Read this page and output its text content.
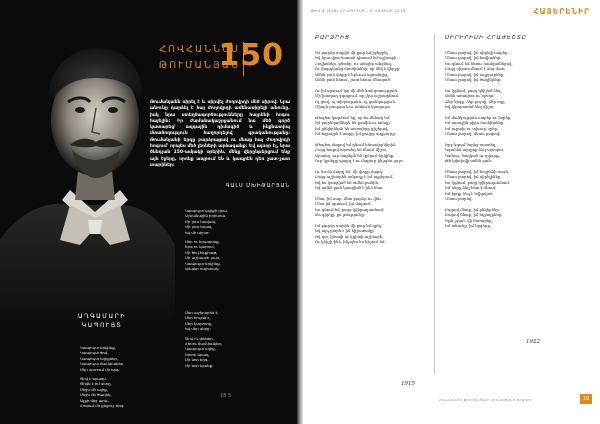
ՀՈՎՀԱՆՆԵՍ
ԹՈՒՄԱՆՅԱՆ
150
Թումանյանն սիրել է և սիրվել ժողովրդի մեծ սիրով։ Նրա անունը դարձել է հայ ժողովրդի ամենասիրելի անունը, իսկ նրա ստեղծագործությունները հայրենի հոգու հայելին։ Իր ժամանակաշրջանում նա մեծ գործ կատարեց՝ ազգային դիմագիծ և ինքնատիպ մտածողություն հաղորդելով գրականությանը։ Թումանյանի երգը բարձրացավ ու մնաց հայ ժողովրդի հոգում՝ որպես մեծ լեռների արձագանք։ Եվ այսօր էլ, նրա ծննդյան 150-ամյակի օրերին, մենք վերընթերցում ենք այն էջերը, որոնք ապրում են և կապրեն դեռ շատ-շատ տարիներ։
ԳԱԼՍ ՄԽԻԹԱՐՅԱՆ
ԱՂԳԱՄԱՐԻ
ԿԱՊՈՒՅՏ
Կապույտ երկինք,
Կապույտ ծով,
Կապույտ ալիքներ,
Կապույտ ճամփաներ,
Մեր սրտում մի երգ։
Ծով է երազս,
Ծովն է իմ սերը,
Մեջս մի ալիք,
Մեջս մի ծաղիկ,
Աչքի մեջ արև,
Հոգում մի քնքուշ երգ։
Կապույտ ալիքի վրա,
Աշնանային իրիկուն,
Մի լուռ նավակ,
Մի լուռ երազ,
Եվ մի սիրտ։
Սեր ու երազանք,
Երգ ու կարոտ,
Մի ծով հեքիաթ,
Մի աշխարհ լույս,
Կապույտ երկինք,
Ամպեր սպիտակ։
Մեր աշխարհն է,
Մեր հույսն է,
Մեր կարոտը,
Եվ մեր սերը։
Ծով ու լեռներ,
Հեռու ճամփաներ,
Կապույտ ալիք,
Սրտի երազ,
Մի նոր երգ,
Մի նոր կյանք։
18 5
ԹԻՎ 4 (128) 27 ԱՊՐԻԼԻ – 5 ՄԱՅԻՍԻ 2019	ՀԱՅԵՐԵՆԻՐ
ԲԱՐՁՐԻՑ
Իմ բարձր սարին մի քար եմ իջեցրել,
Եվ նրա վրա նստած դիտում եմ աշխարհ,
Հովիտներ, գետեր, ու ամպեր անցնող,
Ու մարդկանց ճամփաներ, որ մեկ է վերջը։
Ամեն բան փոքր է երևում այստեղից,
Ամեն բան հեռու, շատ հեռու մնացած։
Ու իմ սրտում կա մի մեծ հանգստություն,
Մի խաղաղ զգացում, որ չկա աշխարհում,
Ոչ ցավ, ոչ տխրություն, ոչ ցանկություն,
Միայն լռություն ու անհուն կապույտ։
Թեպետ կարծում եք, որ ես մենակ եմ,
Իմ բարեկամներն են քամին ու ամպը,
Իմ ընկերներն են աստղերը գիշերով,
Իմ եղբայրն է սարը, իմ քույրը աղբյուրը։
Թեպետ մտքով եմ գնում հեռավորներին,
Բայց հոգով այստեղ եմ մնում միշտ,
Այստեղ, ուր սարերն են գրկում երկինք,
Ուր կյանքը պարզ է ու մաքուր ինչպես լույս։
Ու ես մի մարդ եմ, մի փոքր մարդ,
Բայց աշխարհն ամբողջ է իմ աչքերում,
Եվ ես կապված եմ ամեն բանին,
Եվ ամեն բան կապված է ինձ հետ։
Մնա, իմ սար, մնա բարձր ու վեհ,
Մնա իմ սրտում, իմ մտքում,
Ես գնում եմ, բայց կվերադառնամ,
Քո գիրկը, քո լռությունը։
Իմ բարձր սարին մի քար եմ դրել,
Եվ այդ քարն է իմ հիշատակը,
Ով գա, կնստի ու կդիտի աշխարհ,
Ու կհիշի ինձ, ինչպես ես հիշում եմ։
1915
ՍԻՐԻՐԻՍԻ ՀՐԱԺԵՇՏԸ
Մնաս բարով, իմ սիրելի սարեր,
Մնաս բարով, իմ հովիտներ,
Ես գնում եմ հեռու ճամփաներով,
Բայց սիրտս մնում է ձեզ մոտ։
Մնաս բարով, իմ աղբյուրներ,
Մնաս բարով, իմ ծաղիկներ։
Ես կգնամ, բայց կհիշեմ ձեզ,
Ամեն առավոտ ու երեկո,
Ձեր երգը, ձեր լույսը, ձեր օդը,
Եվ կկարոտեմ ձեզ միշտ։
Իմ մանկության սարեր ու ձորեր,
Իմ առաջին սիրո ճամփաներ,
Իմ ուրախ ու տխուր օրեր,
Մնաս բարով, մնաս բարով։
Երբ կգամ նորից այստեղ,
Կգտնեմ արդյոք ձեզ այսպես,
Կանաչ, ծաղկած ու զվարթ,
Թե կփոխվի ամեն բան։
Մնաս բարով, իմ հայրենի տուն,
Մնաս բարով, իմ սիրելիներ,
Ես կգնամ, բայց կվերադառնամ,
Իմ սերը ձեզ հետ է մնում,
Իմ երգը ձեզ է նվիրված,
Մնաս բարով։
Բարով մնաք, իմ ընկերներ,
Բարով մնաք, իմ եղբայրներ,
Եթե չգամ, մի մոռացեք,
Իմ անունը, իմ երգերը։
1922
ՀՈՎՀԱՆՆԵՍ ԹՈՒՄԱՆՅԱՆԻ 150-ԱՄՅԱԿԻ ԾՐԱԳԻՐ	19
